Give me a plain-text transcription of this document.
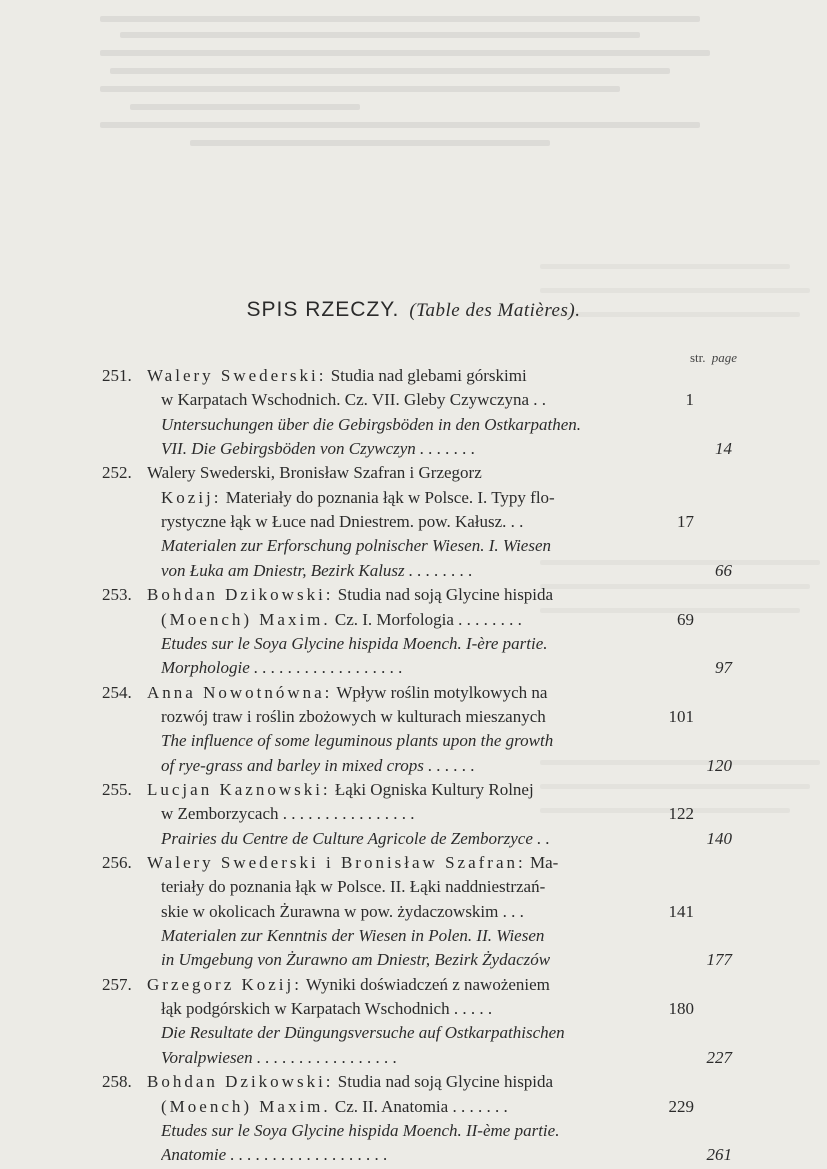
SPIS RZECZY. (Table des Matières).
str. page
251. Walery Swederski: Studia nad glebami górskimi
w Karpatach Wschodnich. Cz. VII. Gleby Czywczyna . .	1
Untersuchungen über die Gebirgsböden in den Ostkarpathen.
VII. Die Gebirgsböden von Czywczyn . . . . . . .	14
252. Walery Swederski, Bronisław Szafran i Grzegorz
Kozij: Materiały do poznania łąk w Polsce. I. Typy flo-
rystyczne łąk w Łuce nad Dniestrem. pow. Kałusz. . .	17
Materialen zur Erforschung polnischer Wiesen. I. Wiesen
von Łuka am Dniestr, Bezirk Kalusz . . . . . . . .	66
253. Bohdan Dzikowski: Studia nad soją Glycine hispida
(Moench) Maxim. Cz. I. Morfologia . . . . . . . .	69
Etudes sur le Soya Glycine hispida Moench. I-ère partie.
Morphologie . . . . . . . . . . . . . . . . . .	97
254. Anna Nowotnówna: Wpływ roślin motylkowych na
rozwój traw i roślin zbożowych w kulturach mieszanych	101
The influence of some leguminous plants upon the growth
of rye-grass and barley in mixed crops . . . . . .	120
255. Lucjan Kaznowski: Łąki Ogniska Kultury Rolnej
w Zemborzycach . . . . . . . . . . . . . . . .	122
Prairies du Centre de Culture Agricole de Zemborzyce . .	140
256. Walery Swederski i Bronisław Szafran: Ma-
teriały do poznania łąk w Polsce. II. Łąki naddniestrzań-
skie w okolicach Żurawna w pow. żydaczowskim . . .	141
Materialen zur Kenntnis der Wiesen in Polen. II. Wiesen
in Umgebung von Żurawno am Dniestr, Bezirk Żydaczów	177
257. Grzegorz Kozij: Wyniki doświadczeń z nawożeniem
łąk podgórskich w Karpatach Wschodnich . . . . .	180
Die Resultate der Düngungsversuche auf Ostkarpathischen
Voralpwiesen . . . . . . . . . . . . . . . . .	227
258. Bohdan Dzikowski: Studia nad soją Glycine hispida
(Moench) Maxim. Cz. II. Anatomia . . . . . . .	229
Etudes sur le Soya Glycine hispida Moench. II-ème partie.
Anatomie . . . . . . . . . . . . . . . . . . .	261
